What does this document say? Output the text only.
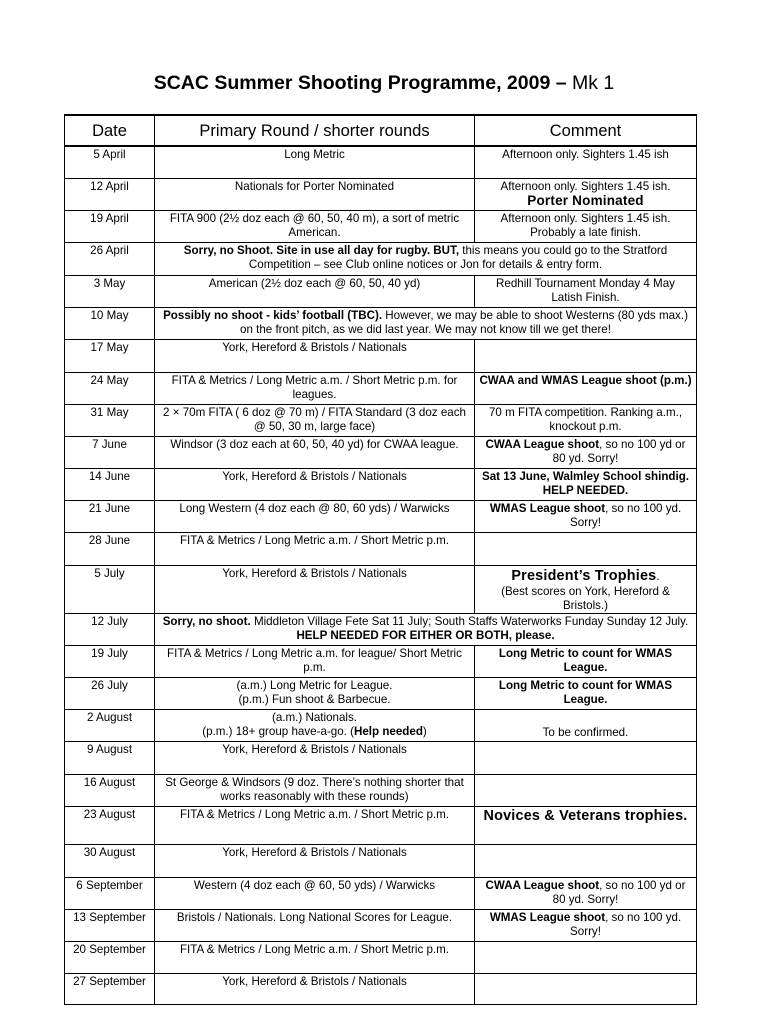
SCAC Summer Shooting Programme, 2009 – Mk 1
Date	Primary Round / shorter rounds	Comment
5 April	Long Metric	Afternoon only. Sighters 1.45 ish
12 April	Nationals for Porter Nominated	Afternoon only. Sighters 1.45 ish.
Porter Nominated
19 April	FITA 900 (2½ doz each @ 60, 50, 40 m), a sort of metric American.	Afternoon only. Sighters 1.45 ish. Probably a late finish.
26 April	Sorry, no Shoot. Site in use all day for rugby. BUT, this means you could go to the Stratford Competition – see Club online notices or Jon for details & entry form.	
3 May	American (2½ doz each @ 60, 50, 40 yd)	Redhill Tournament Monday 4 May Latish Finish.
10 May	Possibly no shoot - kids’ football (TBC). However, we may be able to shoot Westerns (80 yds max.) on the front pitch, as we did last year. We may not know till we get there!	
17 May	York, Hereford & Bristols / Nationals	
24 May	FITA & Metrics / Long Metric a.m. / Short Metric p.m. for leagues.	CWAA and WMAS League shoot (p.m.)
31 May	2 × 70m FITA ( 6 doz @ 70 m) / FITA Standard (3 doz each @ 50, 30 m, large face)	70 m FITA competition. Ranking a.m., knockout p.m.
7 June	Windsor (3 doz each at 60, 50, 40 yd) for CWAA league.	CWAA League shoot, so no 100 yd or 80 yd. Sorry!
14 June	York, Hereford & Bristols / Nationals	Sat 13 June, Walmley School shindig. HELP NEEDED.
21 June	Long Western (4 doz each @ 80, 60 yds) / Warwicks	WMAS League shoot, so no 100 yd. Sorry!
28 June	FITA & Metrics / Long Metric a.m. / Short Metric p.m.	
5 July	York, Hereford & Bristols / Nationals	President’s Trophies.
(Best scores on York, Hereford & Bristols.)
12 July	Sorry, no shoot. Middleton Village Fete Sat 11 July; South Staffs Waterworks Funday Sunday 12 July. HELP NEEDED FOR EITHER OR BOTH, please.	
19 July	FITA & Metrics / Long Metric a.m. for league/ Short Metric p.m.	Long Metric to count for WMAS League.
26 July	(a.m.) Long Metric for League.
(p.m.) Fun shoot & Barbecue.	Long Metric to count for WMAS League.
2 August	(a.m.) Nationals.
(p.m.) 18+ group have-a-go. (Help needed)	To be confirmed.
9 August	York, Hereford & Bristols / Nationals	
16 August	St George & Windsors (9 doz. There’s nothing shorter that works reasonably with these rounds)	
23 August	FITA & Metrics / Long Metric a.m. / Short Metric p.m.	Novices & Veterans trophies.

30 August	York, Hereford & Bristols / Nationals	
6 September	Western (4 doz each @ 60, 50 yds) / Warwicks	CWAA League shoot, so no 100 yd or 80 yd. Sorry!
13 September	Bristols / Nationals. Long National Scores for League.	WMAS League shoot, so no 100 yd. Sorry!
20 September	FITA & Metrics / Long Metric a.m. / Short Metric p.m.	
27 September	York, Hereford & Bristols / Nationals	
